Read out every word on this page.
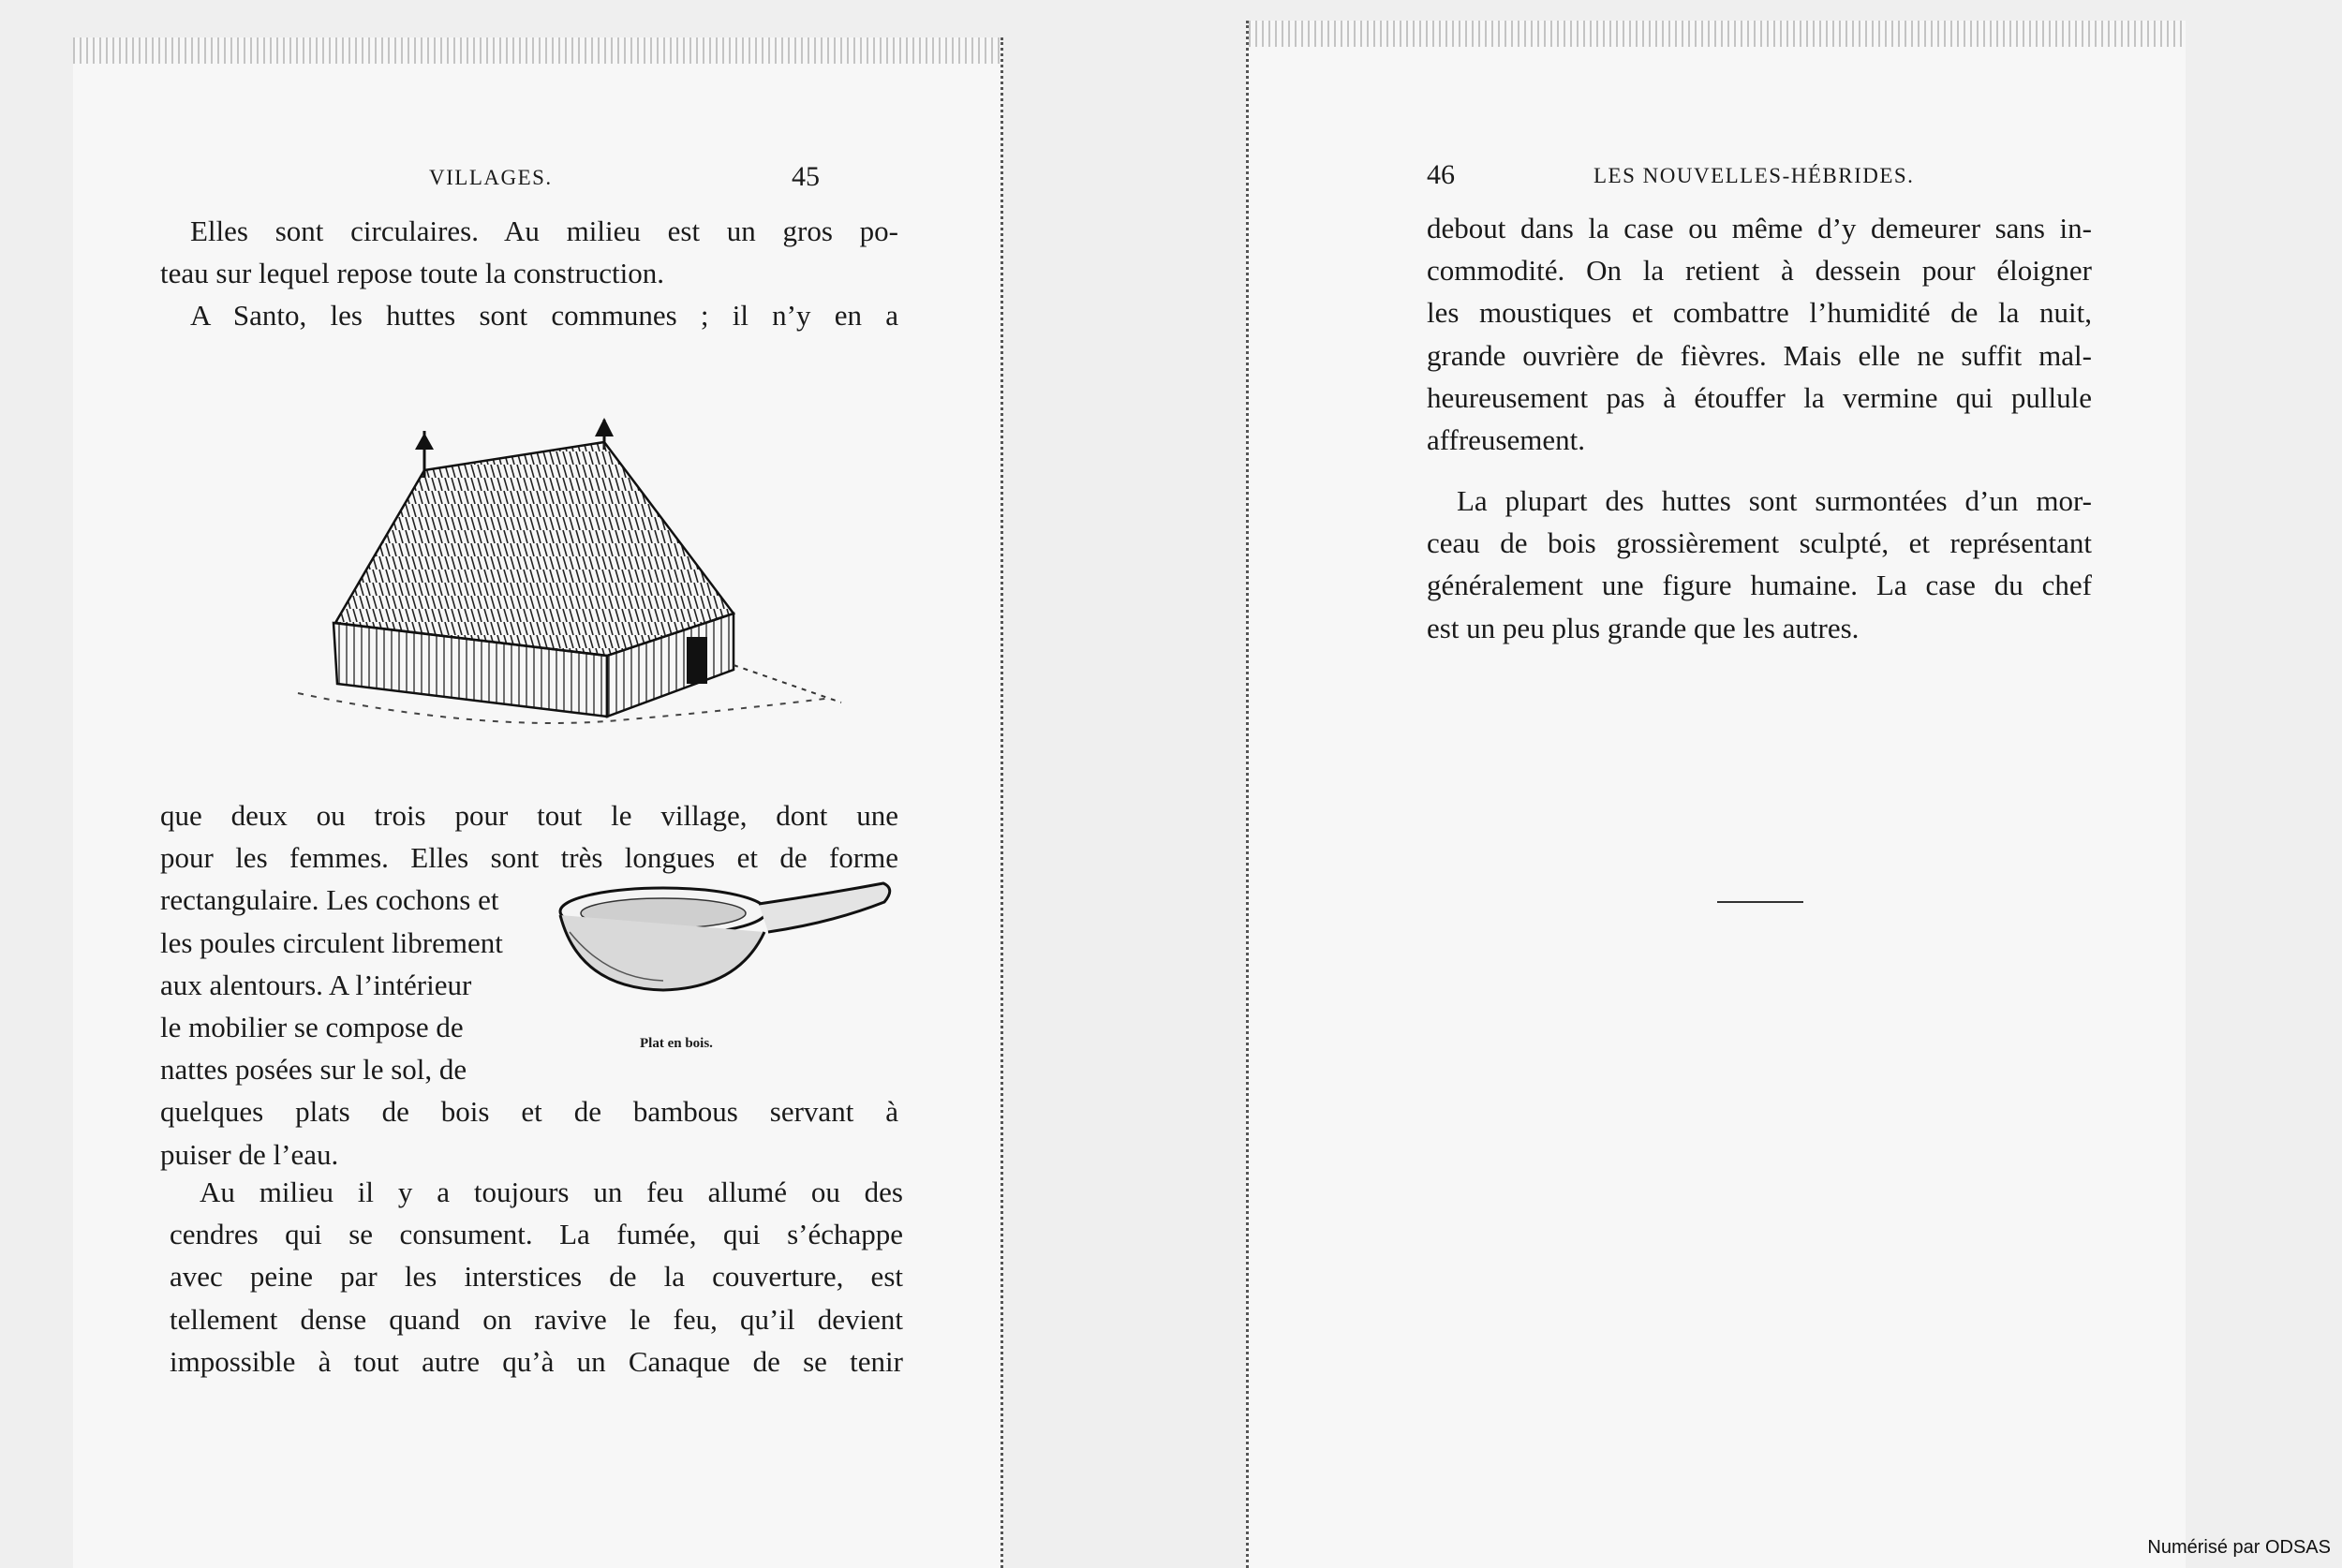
VILLAGES.	45
Elles sont circulaires. Au milieu est un gros po-
teau sur lequel repose toute la construction.
A Santo, les huttes sont communes ; il n’y en a
que deux ou trois pour tout le village, dont une
pour les femmes. Elles sont très longues et de forme
rectangulaire. Les cochons et
les poules circulent librement
aux alentours. A l’intérieur
le mobilier se compose de
nattes posées sur le sol, de
quelques plats de bois et de bambous servant à
puiser de l’eau.
Plat en bois.
Au milieu il y a toujours un feu allumé ou des
cendres qui se consument. La fumée, qui s’échappe
avec peine par les interstices de la couverture, est
tellement dense quand on ravive le feu, qu’il devient
impossible à tout autre qu’à un Canaque de se tenir
46	LES NOUVELLES-HÉBRIDES.
debout dans la case ou même d’y demeurer sans in-
commodité. On la retient à dessein pour éloigner
les moustiques et combattre l’humidité de la nuit,
grande ouvrière de fièvres. Mais elle ne suffit mal-
heureusement pas à étouffer la vermine qui pullule
affreusement.
La plupart des huttes sont surmontées d’un mor-
ceau de bois grossièrement sculpté, et représentant
généralement une figure humaine. La case du chef
est un peu plus grande que les autres.
Numérisé par ODSAS
